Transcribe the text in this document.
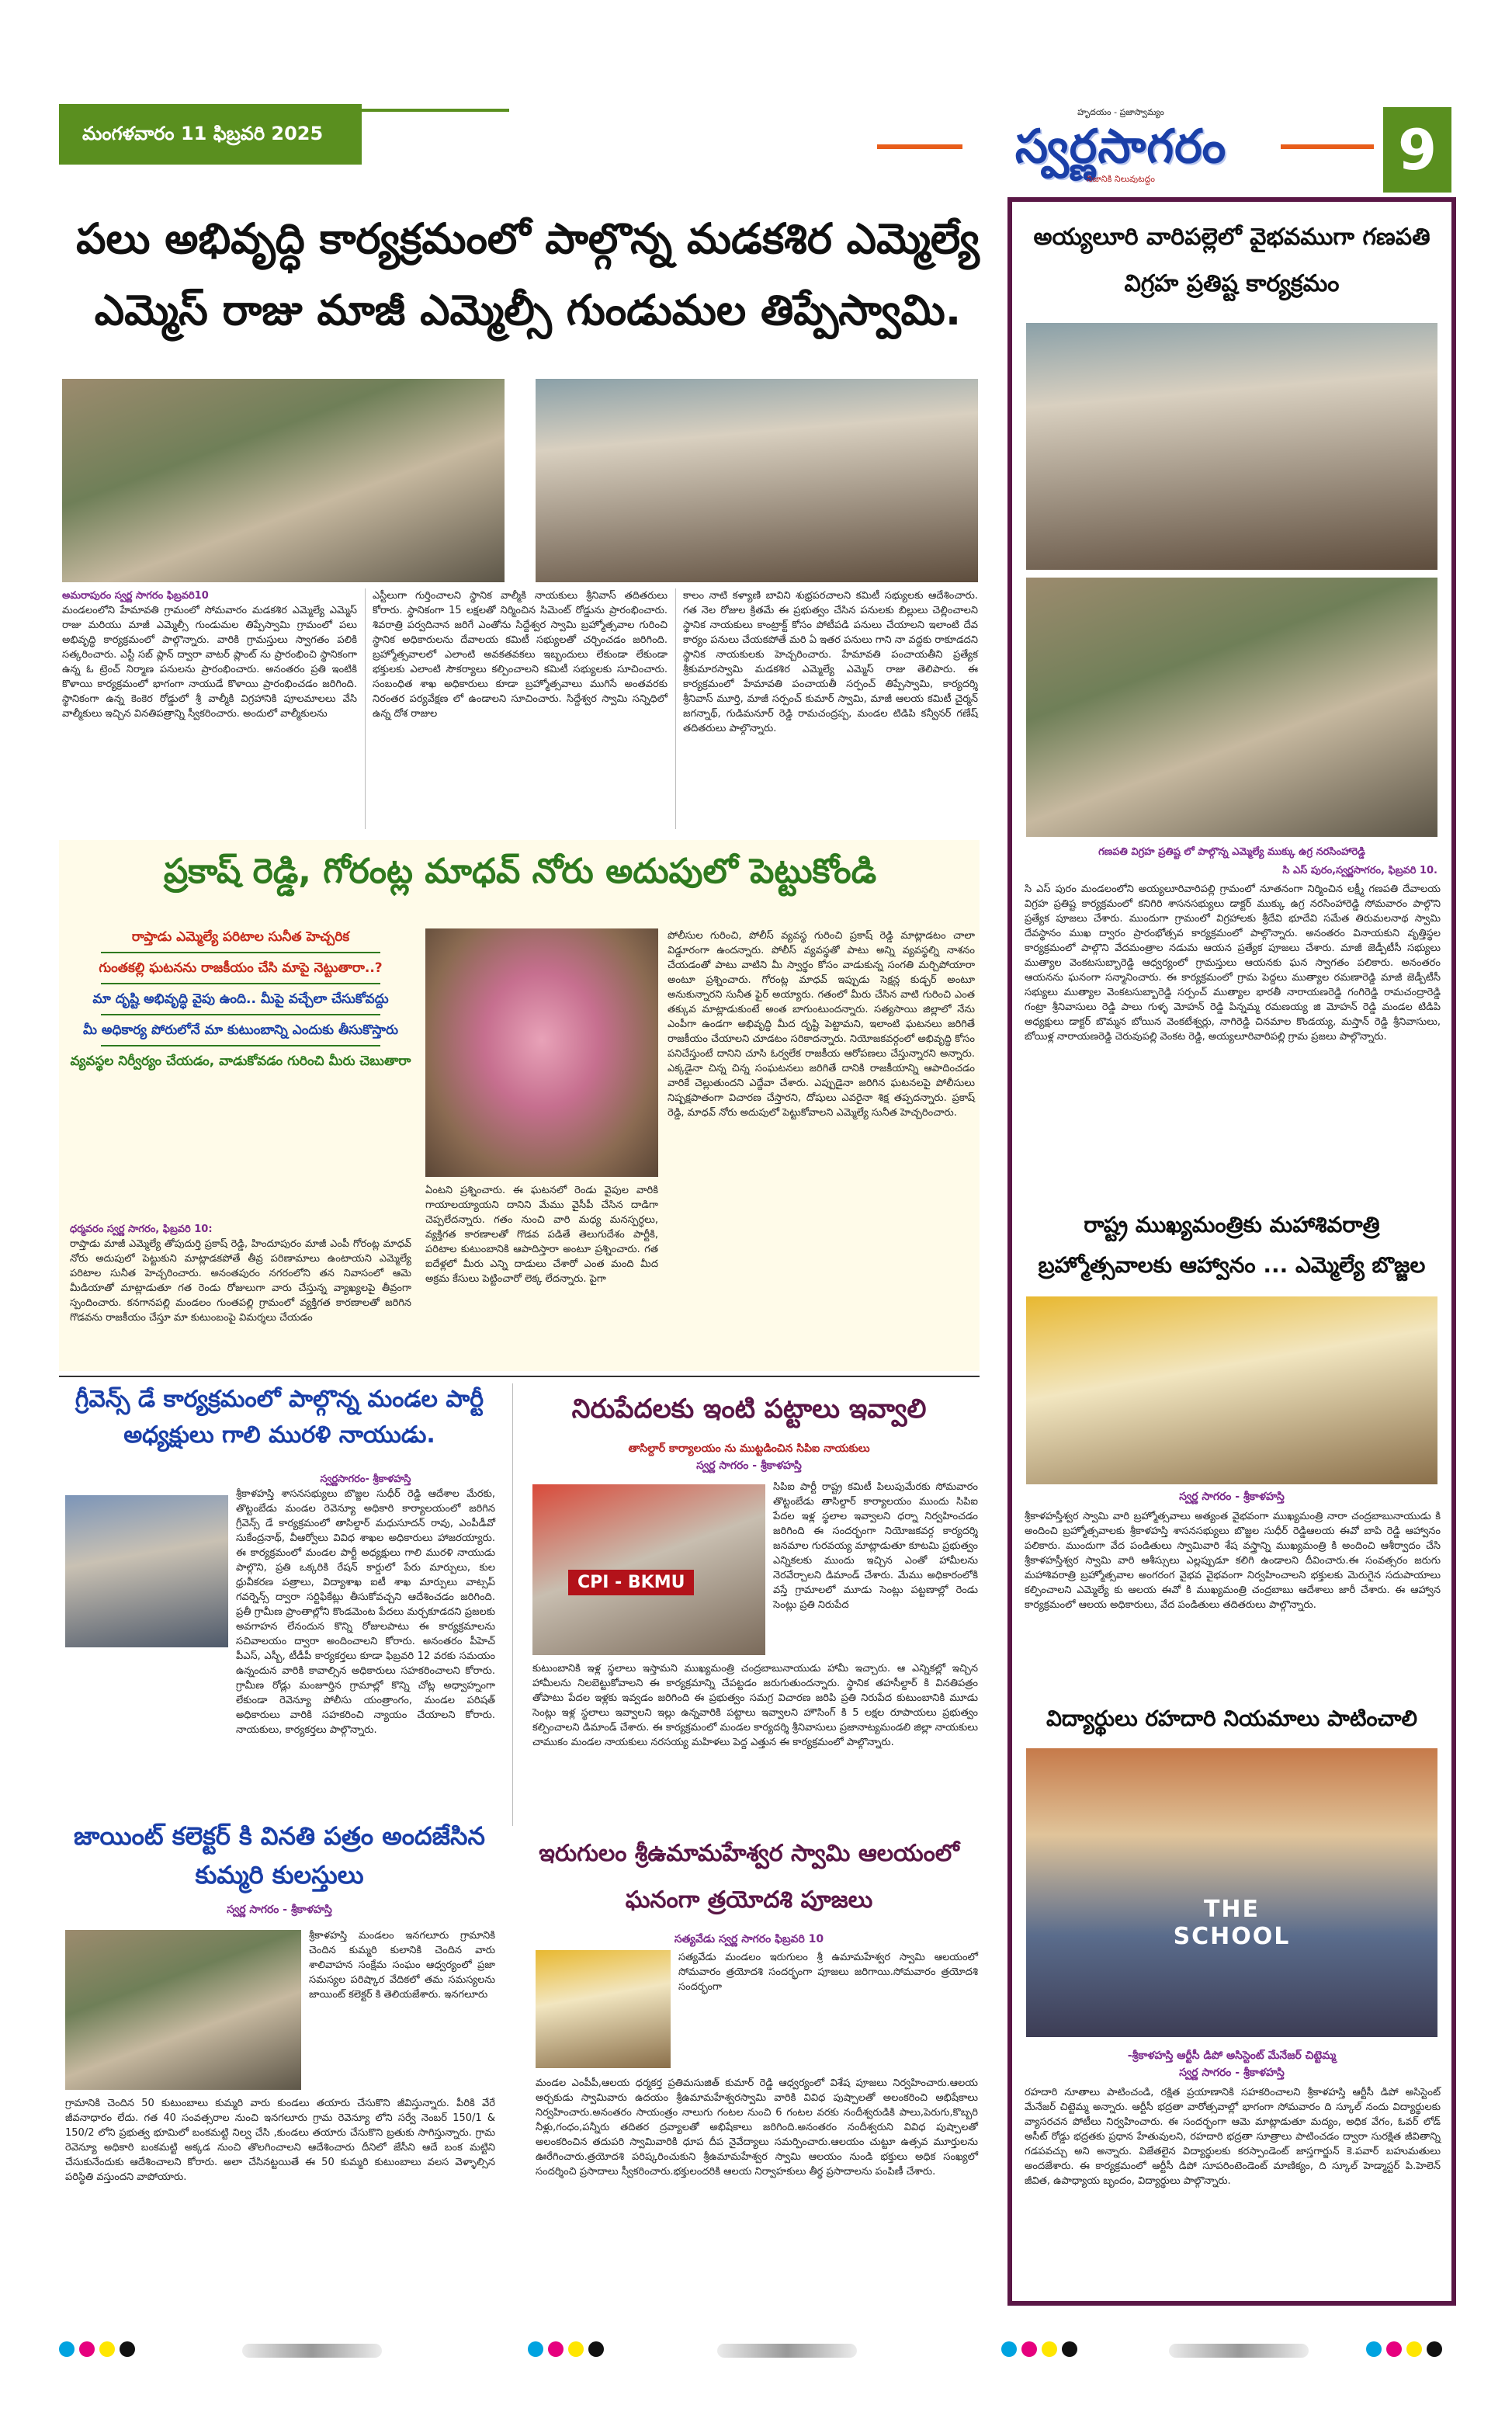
మంగళవారం 11 ఫిబ్రవరి 2025
హృదయం - ప్రజాస్వామ్యం
స్వర్ణసాగరం
నిజానికి నిలువుటద్దం	9
పలు అభివృద్ధి కార్యక్రమంలో పాల్గొన్న మడకశిర ఎమ్మెల్యే ఎమ్మెస్ రాజు మాజీ ఎమ్మెల్సీ గుండుమల తిప్పేస్వామి.
అమరాపురం స్వర్ణ సాగరం ఫిబ్రవరి10
మండలంలోని హేమావతి గ్రామంలో సోమవారం మడకశిర ఎమ్మెల్యే ఎమ్మెస్ రాజు మరియు మాజీ ఎమ్మెల్సీ గుండుమల తిప్పేస్వామి గ్రామంలో పలు అభివృద్ధి కార్యక్రమంలో పాల్గొన్నారు. వారికి గ్రామస్తులు స్వాగతం పలికి సత్కరించారు. ఎస్టీ సబ్ ప్లాన్ ద్వారా వాటర్ ప్లాంట్ ను ప్రారంభించి స్థానికంగా ఉన్న ఓ ట్రెంచ్ నిర్మాణ పనులను ప్రారంభించారు. అనంతరం ప్రతి ఇంటికి కొళాయి కార్యక్రమంలో భాగంగా నాయుడే కొళాయి ప్రారంభించడం జరిగింది. స్థానికంగా ఉన్న కెంకెర రోడ్డులో శ్రీ వాల్మీకి విగ్రహానికి పూలమాలలు వేసి వాల్మీకులు ఇచ్చిన వినతిపత్రాన్ని స్వీకరించారు. అందులో వాల్మీకులను
ఎస్టీలుగా గుర్తించాలని స్థానిక వాల్మీకి నాయకులు శ్రీనివాస్ తదితరులు కోరారు. స్థానికంగా 15 లక్షలతో నిర్మించిన సిమెంట్ రోడ్డును ప్రారంభించారు. శివరాత్రి పర్వదినాన జరిగే ఎంతోను సిద్దేశ్వర స్వామి బ్రహ్మోత్సవాల గురించి స్థానిక అధికారులను దేవాలయ కమిటీ సభ్యులతో చర్చించడం జరిగింది. బ్రహ్మోత్సవాలలో ఎలాంటి అవకతవకలు ఇబ్బందులు లేకుండా లేకుండా భక్తులకు ఎలాంటి సౌకర్యాలు కల్పించాలని కమిటీ సభ్యులకు సూచించారు. సంబంధిత శాఖ అధికారులు కూడా బ్రహ్మోత్సవాలు ముగిసే అంతవరకు నిరంతర పర్యవేక్షణ లో ఉండాలని సూచించారు. సిద్దేశ్వర స్వామి సన్నిధిలో ఉన్న దోశ రాజుల
కాలం నాటి కళ్యాణి బావిని శుభ్రపరచాలని కమిటీ సభ్యులకు ఆదేశించారు. గత నెల రోజుల క్రితమే ఈ ప్రభుత్వం చేసిన పనులకు బిల్లులు చెల్లించాలని స్థానిక నాయకులు కాంట్రాక్ట్ కోసం పోటీపడి పనులు చేయాలని ఇలాంటి దేవ కార్యం పనులు చేయకపోతే మరి ఏ ఇతర పనులు గాని నా వద్దకు రాకూడదని స్థానిక నాయకులకు హెచ్చరించారు. హేమావతి పంచాయతీని ప్రత్యేక శ్రీకుమారస్వామి మడకశిర ఎమ్మెల్యే ఎమ్మెస్ రాజు తెలిపారు. ఈ కార్యక్రమంలో హేమావతి పంచాయతీ సర్పంచ్ తిప్పేస్వామి, కార్యదర్శి శ్రీనివాస్ మూర్తి, మాజీ సర్పంచ్ కుమార్ స్వామి, మాజీ ఆలయ కమిటీ చైర్మన్ జగన్నాథ్, గుడిమనూర్ రెడ్డి రామచంద్రప్ప, మండల టిడిపి కన్వీనర్ గణేష్ తదితరులు పాల్గొన్నారు.
ప్రకాష్ రెడ్డి, గోరంట్ల మాధవ్ నోరు అదుపులో పెట్టుకోండి
రాప్తాడు ఎమ్మెల్యే పరిటాల సునీత హెచ్చరిక
గుంతకల్లి ఘటనను రాజకీయం చేసి మాపై నెట్టుతారా..?
మా దృష్టి అభివృద్ధి వైపు ఉంది.. మీపై వచ్చేలా చేసుకోవద్దు
మీ అధికార్య పోరులోనే మా కుటుంబాన్ని ఎందుకు తీసుకొస్తారు
వ్యవస్థల నిర్వీర్యం చేయడం, వాడుకోవడం గురించి మీరు చెబుతారా
పోలీసుల గురించి, పోలీస్ వ్యవస్థ గురించి ప్రకాష్ రెడ్డి మాట్లాడటం చాలా విడ్డూరంగా ఉందన్నారు. పోలీస్ వ్యవస్థతో పాటు అన్ని వ్యవస్థల్ని నాశనం చేయడంతో పాటు వాటిని మీ స్వార్థం కోసం వాడుకున్న సంగతి మర్చిపోయారా అంటూ ప్రశ్నించారు. గోరంట్ల మాధవ్ ఇప్పుడు సెక్షన్ల కుడ్చర్ అంటూ అనుకున్నారని సునీత ఫైర్ అయ్యారు. గతంలో మీరు చేసిన వాటి గురించి ఎంత తక్కువ మాట్లాడుకుంటే అంత బాగుంటుందన్నారు. సత్యసాయి జిల్లాలో నేను ఎంపీగా ఉండగా అభివృద్ధి మీద దృష్టి పెట్టామని, ఇలాంటి ఘటనలు జరిగితే రాజకీయం చేయాలని చూడటం సరికాదన్నారు. నియోజకవర్గంలో అభివృద్ధి కోసం పనిచేస్తుంటే దానిని చూసి ఓర్వలేక రాజకీయ ఆరోపణలు చేస్తున్నారని అన్నారు. ఎక్కడైనా చిన్న చిన్న సంఘటనలు జరిగితే దానికి రాజకీయాన్ని ఆపాదించడం వారికే చెల్లుతుందని ఎద్దేవా చేశారు. ఎప్పుడైనా జరిగిన ఘటనలపై పోలీసులు నిష్పక్షపాతంగా విచారణ చేస్తారని, దోషులు ఎవరైనా శిక్ష తప్పదన్నారు. ప్రకాష్ రెడ్డి, మాధవ్ నోరు అదుపులో పెట్టుకోవాలని ఎమ్మెల్యే సునీత హెచ్చరించారు.
ధర్మవరం స్వర్ణ సాగరం, ఫిబ్రవరి 10:
రాప్తాడు మాజీ ఎమ్మెల్యే తోపుదుర్తి ప్రకాష్ రెడ్డి, హిందూపురం మాజీ ఎంపీ గోరంట్ల మాధవ్ నోరు అదుపులో పెట్టుకుని మాట్లాడకపోతే తీవ్ర పరిణామాలు ఉంటాయని ఎమ్మెల్యే పరిటాల సునీత హెచ్చరించారు. అనంతపురం నగరంలోని తన నివాసంలో ఆమె మీడియాతో మాట్లాడుతూ గత రెండు రోజులుగా వారు చేస్తున్న వ్యాఖ్యలపై తీవ్రంగా స్పందించారు. కనగానపల్లి మండలం గుంతపల్లి గ్రామంలో వ్యక్తిగత కారణాలతో జరిగిన గొడవను రాజకీయం చేస్తూ మా కుటుంబంపై విమర్శలు చేయడం
ఏంటని ప్రశ్నించారు. ఈ ఘటనలో రెండు వైపుల వారికి గాయాలయ్యాయని దానిని మేము వైసీపీ చేసిన దాడిగా చెప్పలేదన్నారు. గతం నుంచి వారి మధ్య మనస్పర్ధలు, వ్యక్తిగత కారణాలతో గొడవ పడితే తెలుగుదేశం పార్టీకి, పరిటాల కుటుంబానికి ఆపాదిస్తారా అంటూ ప్రశ్నించారు. గత ఐదేళ్లలో మీరు ఎన్ని దాడులు చేశారో ఎంత మంది మీద అక్రమ కేసులు పెట్టించారో లెక్క లేదన్నారు. పైగా
గ్రీవెన్స్ డే కార్యక్రమంలో పాల్గొన్న మండల పార్టీ అధ్యక్షులు గాలి మురళి నాయుడు.
స్వర్ణసాగరం- శ్రీకాళహస్తి
శ్రీకాళహస్తి శాసనసభ్యులు బొజ్జల సుధీర్ రెడ్డి ఆదేశాల మేరకు, తొట్టంబేడు మండల రెవెన్యూ అధికారి కార్యాలయంలో జరిగిన గ్రీవెన్స్ డే కార్యక్రమంలో తాసిల్దార్ మధుసూదన్ రావు, ఎంపీడీవో సుకేంద్రనాథ్, వీఆర్వోలు వివిధ శాఖల అధికారులు హాజరయ్యారు. ఈ కార్యక్రమంలో మండల పార్టీ అధ్యక్షులు గాలి మురళి నాయుడు పాల్గొని, ప్రతి ఒక్కరికి రేషన్ కార్డులో పేరు మార్పులు, కుల ధ్రువీకరణ పత్రాలు, విద్యాశాఖ ఐటీ శాఖ మార్పులు వాట్సప్ గవర్నెన్స్ ద్వారా సర్టిఫికేట్లు తీసుకోవచ్చని ఆదేశించడం జరిగింది. ప్రతీ గ్రామీణ ప్రాంతాల్లోని కొండమెంట పేదలు మర్చకూడదని ప్రజలకు అవగాహన లేనందున కొన్ని రోజులపాటు ఈ కార్యక్రమాలను సచివాలయం ద్వారా అందించాలని కోరారు. అనంతరం పీహెచ్ పీఎస్, ఎస్బీ, టీడీపీ కార్యకర్తలు కూడా ఫిబ్రవరి 12 వరకు సమయం ఉన్నందున వారికి కావాల్సిన అధికారులు సహకరించాలని కోరారు. గ్రామీణ రోడ్లు మంజూర్తిన గ్రామాల్లో కొన్ని చోట్ల అధ్వాహ్నంగా లేకుండా రెవెన్యూ పోలీసు యంత్రాంగం, మండల పరిషత్ అధికారులు వారికి సహకరించి న్యాయం చేయాలని కోరారు. నాయకులు, కార్యకర్తలు పాల్గొన్నారు.
నిరుపేదలకు ఇంటి పట్టాలు ఇవ్వాలి
తాసిల్దార్ కార్యాలయం ను ముట్టడించిన సిపిఐ నాయకులు
స్వర్ణ సాగరం - శ్రీకాళహస్తి
CPI - BKMU
సిపిఐ పార్టీ రాష్ట్ర కమిటీ పిలుపుమేరకు సోమవారం తొట్టంబేడు తాసిల్దార్ కార్యాలయం ముందు సిపిఐ పేదల ఇళ్ల స్థలాల ఇవ్వాలని ధర్నా నిర్వహించడం జరిగింది ఈ సందర్భంగా నియోజకవర్గ కార్యదర్శి జనమాల గురవయ్య మాట్లాడుతూ కూటమి ప్రభుత్వం ఎన్నికలకు ముందు ఇచ్చిన ఎంతో హామీలను నెరవేర్చాలని డిమాండ్ చేశారు. మేము అధికారంలోకి వస్తే గ్రామాలలో మూడు సెంట్లు పట్టణాల్లో రెండు సెంట్లు ప్రతి నిరుపేద
కుటుంబానికి ఇళ్ల స్థలాలు ఇస్తామని ముఖ్యమంత్రి చంద్రబాబునాయుడు హామీ ఇచ్చారు. ఆ ఎన్నికల్లో ఇచ్చిన హామీలను నిలబెట్టుకోవాలని ఈ కార్యక్రమాన్ని చేపట్టడం జరుగుతుందన్నారు. స్థానిక తహసీల్దార్ కి వినతిపత్రం తోపాటు పేదల ఇళ్లకు ఇవ్వడం జరిగింది ఈ ప్రభుత్వం సమగ్ర విచారణ జరిపి ప్రతి నిరుపేద కుటుంబానికి మూడు సెంట్లు ఇళ్ల స్థలాలు ఇవ్వాలని ఇల్లు ఉన్నవారికి పట్టాలు ఇవ్వాలని హౌసింగ్ కి 5 లక్షల రూపాయలు ప్రభుత్వం కల్పించాలని డిమాండ్ చేశారు. ఈ కార్యక్రమంలో మండల కార్యదర్శి శ్రీనివాసులు ప్రజానాట్యమండలి జిల్లా నాయకులు చాముకం మండల నాయకులు నరసయ్య మహిళలు పెద్ద ఎత్తున ఈ కార్యక్రమంలో పాల్గొన్నారు.
జాయింట్ కలెక్టర్ కి వినతి పత్రం అందజేసిన కుమ్మరి కులస్తులు
స్వర్ణ సాగరం - శ్రీకాళహస్తి
శ్రీకాళహస్తి మండలం ఇనగలూరు గ్రామానికి చెందిన కుమ్మరి కులానికి చెందిన వారు శాలివాహన సంక్షేమ సంఘం ఆధ్వర్యంలో ప్రజా సమస్యల పరిష్కార వేదికలో తమ సమస్యలను జాయింట్ కలెక్టర్ కి తెలియజేశారు. ఇనగలూరు
గ్రామానికి చెందిన 50 కుటుంబాలు కుమ్మరి వారు కుండలు తయారు చేసుకొని జీవిస్తున్నారు. పీరికి వేరే జీవనాధారం లేదు. గత 40 సంవత్సరాల నుంచి ఇనగలూరు గ్రామ రెవెన్యూ లోని సర్వే నెంబర్ 150/1 & 150/2 లోని ప్రభుత్వ భూమిలో బంకమట్టి నిల్వ చేసి ,కుండలు తయారు చేసుకొని బ్రతుకు సాగిస్తున్నారు. గ్రామ రెవెన్యూ అధికారి బంకమట్టి అక్కడ నుంచి తొలగించాలని ఆదేశించారు దీనిలో జేసీని ఆదే బంక మట్టిని చేసుకునేందుకు ఆదేశించాలని కోరారు. అలా చేసినట్టయితే ఈ 50 కుమ్మరి కుటుంబాలు వలస వెళ్ళాల్సిన పరిస్థితి వస్తుందని వాపోయారు.
ఇరుగులం శ్రీఉమామహేశ్వర స్వామి ఆలయంలో ఘనంగా త్రయోదశి పూజలు
సత్యవేడు స్వర్ణ సాగరం ఫిబ్రవరి 10
సత్యవేడు మండలం ఇరుగులం శ్రీ ఉమామహేశ్వర స్వామి ఆలయంలో సోమవారం త్రయోదశి సందర్భంగా పూజలు జరిగాయి.సోమవారం త్రయోదశి సందర్భంగా
మండల ఎంపీపీ,ఆలయ ధర్మకర్త ప్రతిమసుజిత్ కుమార్ రెడ్డి ఆధ్వర్యంలో విశేష పూజలు నిర్వహించారు.ఆలయ అర్చకుడు స్వామివారు ఉదయం శ్రీఉమామహేశ్వరస్వామి వారికి వివిధ పుష్పాలతో అలంకరించి అభిషేకాలు నిర్వహించారు.అనంతరం సాయంత్రం నాలుగు గంటల నుంచి 6 గంటల వరకు నందీశ్వరుడికి పాలు,పెరుగు,కొబ్బరి నీళ్లు,గంధం,పన్నీరు తదితర ద్రవ్యాలతో అభిషేకాలు జరిగింది.అనంతరం నందీశ్వరుని వివిధ పుష్పాలతో అలంకరించిన తదుపరి స్వామివారికి ధూప దీప నైవేద్యాలు సమర్పించారు.ఆలయం చుట్టూ ఉత్సవ మూర్తులను ఊరేగించారు.త్రయోదశి పరిష్కరించుకుని శ్రీఉమామహేశ్వర స్వామి ఆలయం నుండి భక్తులు అధిక సంఖ్యలో సందర్శించి ప్రసాదాలు స్వీకరించారు.భక్తులందరికి ఆలయ నిర్వాహకులు తీర్థ ప్రసాదాలను పంపిణీ చేశారు.
అయ్యలూరి వారిపల్లెలో వైభవముగా గణపతి విగ్రహ ప్రతిష్ట కార్యక్రమం
గణపతి విగ్రహ ప్రతిష్ట లో పాల్గొన్న ఎమ్మెల్యే ముక్కు ఉగ్ర నరసింహారెడ్డి
సి ఎస్ పురం,స్వర్ణసాగరం, ఫిబ్రవరి 10.
సి ఎస్ పురం మండలంలోని అయ్యలూరివారిపల్లి గ్రామంలో నూతనంగా నిర్మించిన లక్ష్మీ గణపతి దేవాలయ విగ్రహ ప్రతిష్ట కార్యక్రమంలో కనిగిరి శాసనసభ్యులు డాక్టర్ ముక్కు ఉగ్ర నరసింహారెడ్డి సోమవారం పాల్గొని ప్రత్యేక పూజలు చేశారు. ముందుగా గ్రామంలో విగ్రహాలకు శ్రీదేవి భూదేవి సమేత తిరుమలనాథ స్వామి దేవస్థానం ముఖ ద్వారం ప్రారంభోత్సవ కార్యక్రమంలో పాల్గొన్నారు. అనంతరం వినాయకుని వృత్తిస్థల కార్యక్రమంలో పాల్గొని వేదమంత్రాల నడుమ ఆయన ప్రత్యేక పూజలు చేశారు. మాజీ జెడ్పీటీసీ సభ్యులు ముత్యాల వెంకటసుబ్బారెడ్డి ఆధ్వర్యంలో గ్రామస్తులు ఆయనకు ఘన స్వాగతం పలికారు. అనంతరం ఆయనను ఘనంగా సన్మానించారు. ఈ కార్యక్రమంలో గ్రామ పెద్దలు ముత్యాల రమణారెడ్డి మాజీ జెడ్పీటీసీ సభ్యులు ముత్యాల వెంకటసుబ్బారెడ్డి సర్పంచ్ ముత్యాల భారతీ నారాయణరెడ్డి గంగిరెడ్డి రామచంద్రారెడ్డి గంట్రా శ్రీనివాసులు రెడ్డి పాలు గుళ్ళ మోహన్ రెడ్డి పిన్నమ్మ రమణయ్య జి మోహన్ రెడ్డి మండల టిడిపి అధ్యక్షులు డాక్టర్ బొమ్మన బోయిన వెంకటేశ్వర్లు, నాగిరెడ్డి చినమాల కొండయ్య, మస్తాన్ రెడ్డి శ్రీనివాసులు, బోయిళ్ల నారాయణరెడ్డి చెరువుపల్లి వెంకట రెడ్డి, అయ్యలూరివారిపల్లి గ్రామ ప్రజలు పాల్గొన్నారు.
రాష్ట్ర ముఖ్యమంత్రికు మహాశివరాత్రి బ్రహ్మోత్సవాలకు ఆహ్వానం ... ఎమ్మెల్యే బొజ్జల
స్వర్ణ సాగరం - శ్రీకాళహస్తి
శ్రీకాళహస్తీశ్వర స్వామి వారి బ్రహ్మోత్సవాలు అత్యంత వైభవంగా ముఖ్యమంత్రి నారా చంద్రబాబునాయుడు కి అందించి బ్రహ్మోత్సవాలకు శ్రీకాళహస్తి శాసనసభ్యులు బొజ్జల సుధీర్ రెడ్డిఆలయ ఈవో బాపి రెడ్డి ఆహ్వానం పలికారు. ముందుగా వేద పండితులు స్వామివారి శేష వస్త్రాన్ని ముఖ్యమంత్రి కి అందించి ఆశీర్వాదం చేసి శ్రీకాళహస్తీశ్వర స్వామి వారి ఆశీస్సులు ఎల్లప్పుడూ కలిగి ఉండాలని దీవించారు.ఈ సంవత్సరం జరుగు మహాశివరాత్రి బ్రహ్మోత్సవాల అంగరంగ వైభవ వైభవంగా నిర్వహించాలని భక్తులకు మెరుగైన సదుపాయాలు కల్పించాలని ఎమ్మెల్యే కు ఆలయ ఈవో కి ముఖ్యమంత్రి చంద్రబాబు ఆదేశాలు జారీ చేశారు. ఈ ఆహ్వాన కార్యక్రమంలో ఆలయ అధికారులు, వేద పండితులు తదితరులు పాల్గొన్నారు.
విద్యార్థులు రహదారి నియమాలు పాటించాలి
THE SCHOOL
-శ్రీకాళహస్తి ఆర్టీసీ డిపో అసిస్టెంట్ మేనేజర్ చిట్టెమ్మ
స్వర్ణ సాగరం - శ్రీకాళహస్తి
రహదారి నూతాలు పాటించండి, రక్షిత ప్రయాణానికి సహకరించాలని శ్రీకాళహస్తి ఆర్టీసీ డిపో అసిస్టెంట్ మేనేజర్ చిట్టెమ్మ అన్నారు. ఆర్టీసీ భద్రతా వారోత్సవాల్లో భాగంగా సోమవారం ది స్కూల్ నందు విద్యార్థులకు వ్యాసరచన పోటీలు నిర్వహించారు. ఈ సందర్భంగా ఆమె మాట్లాడుతూ మద్యం, అధిక వేగం, ఓవర్ లోడ్ అసీట్ రోడ్డు భద్రతకు ప్రధాన హేతువులని, రహదారి భద్రతా సూత్రాలు పాటించడం ద్వారా సురక్షిత జీవితాన్ని గడపవచ్చు అని అన్నారు. విజేతలైన విద్యార్థులకు కరస్పాండెంట్ జాస్తగార్జున్ కె.పవార్ బహుమతులు అందజేశారు. ఈ కార్యక్రమంలో ఆర్టీసీ డిపో సూపరింటెండెంట్ మాణిక్యం, ది స్కూల్ హెడ్మాస్టర్ పి.హెలెన్ జీవిత, ఉపాధ్యాయ బృందం, విద్యార్థులు పాల్గొన్నారు.
